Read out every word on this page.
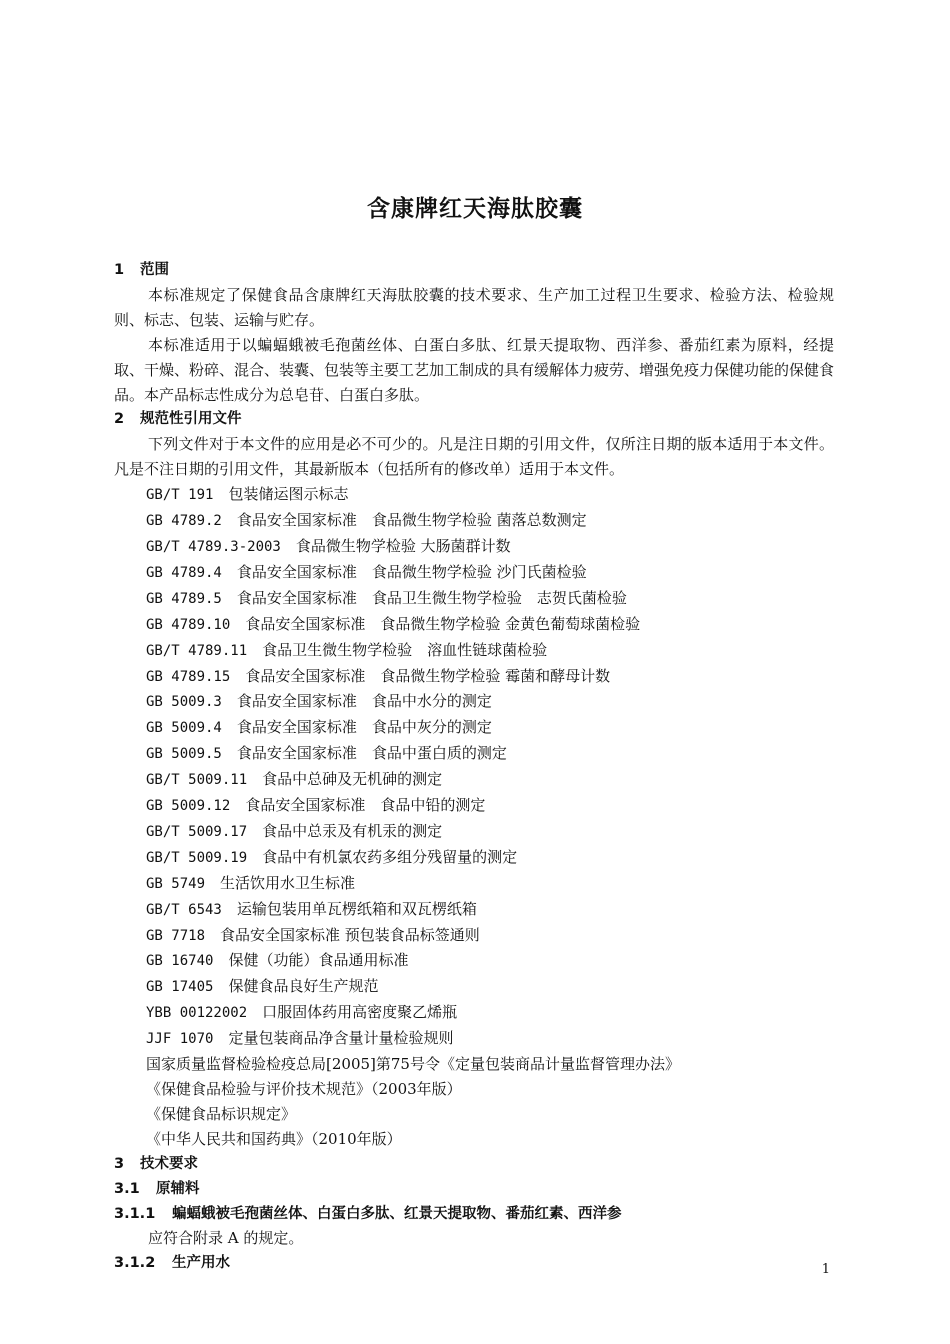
含康牌红天海肽胶囊

1 范围

本标准规定了保健食品含康牌红天海肽胶囊的技术要求、生产加工过程卫生要求、检验方法、检验规则、标志、包装、运输与贮存。

本标准适用于以蝙蝠蛾被毛孢菌丝体、白蛋白多肽、红景天提取物、西洋参、番茄红素为原料，经提取、干燥、粉碎、混合、装囊、包装等主要工艺加工制成的具有缓解体力疲劳、增强免疫力保健功能的保健食品。本产品标志性成分为总皂苷、白蛋白多肽。

2 规范性引用文件

下列文件对于本文件的应用是必不可少的。凡是注日期的引用文件，仅所注日期的版本适用于本文件。凡是不注日期的引用文件，其最新版本（包括所有的修改单）适用于本文件。

GB/T 191　 包装储运图示标志

GB 4789.2　 食品安全国家标准　食品微生物学检验 菌落总数测定

GB/T 4789.3-2003　 食品微生物学检验 大肠菌群计数

GB 4789.4　 食品安全国家标准　食品微生物学检验 沙门氏菌检验

GB 4789.5　 食品安全国家标准　食品卫生微生物学检验　志贺氏菌检验

GB 4789.10　 食品安全国家标准　食品微生物学检验 金黄色葡萄球菌检验

GB/T 4789.11　 食品卫生微生物学检验　溶血性链球菌检验

GB 4789.15　 食品安全国家标准　食品微生物学检验 霉菌和酵母计数

GB 5009.3　 食品安全国家标准　食品中水分的测定

GB 5009.4　 食品安全国家标准　食品中灰分的测定

GB 5009.5　 食品安全国家标准　食品中蛋白质的测定

GB/T 5009.11　 食品中总砷及无机砷的测定

GB 5009.12　 食品安全国家标准　食品中铅的测定

GB/T 5009.17　 食品中总汞及有机汞的测定

GB/T 5009.19　 食品中有机氯农药多组分残留量的测定

GB 5749　 生活饮用水卫生标准

GB/T 6543　 运输包装用单瓦楞纸箱和双瓦楞纸箱

GB 7718　 食品安全国家标准 预包装食品标签通则

GB 16740　 保健（功能）食品通用标准

GB 17405　 保健食品良好生产规范

YBB 00122002　 口服固体药用高密度聚乙烯瓶

JJF 1070　 定量包装商品净含量计量检验规则

国家质量监督检验检疫总局[2005]第75号令《定量包装商品计量监督管理办法》

《保健食品检验与评价技术规范》（2003年版）

《保健食品标识规定》

《中华人民共和国药典》（2010年版）

3 技术要求

3.1 原辅料

3.1.1 蝙蝠蛾被毛孢菌丝体、白蛋白多肽、红景天提取物、番茄红素、西洋参

应符合附录 A 的规定。

3.1.2 生产用水	1
